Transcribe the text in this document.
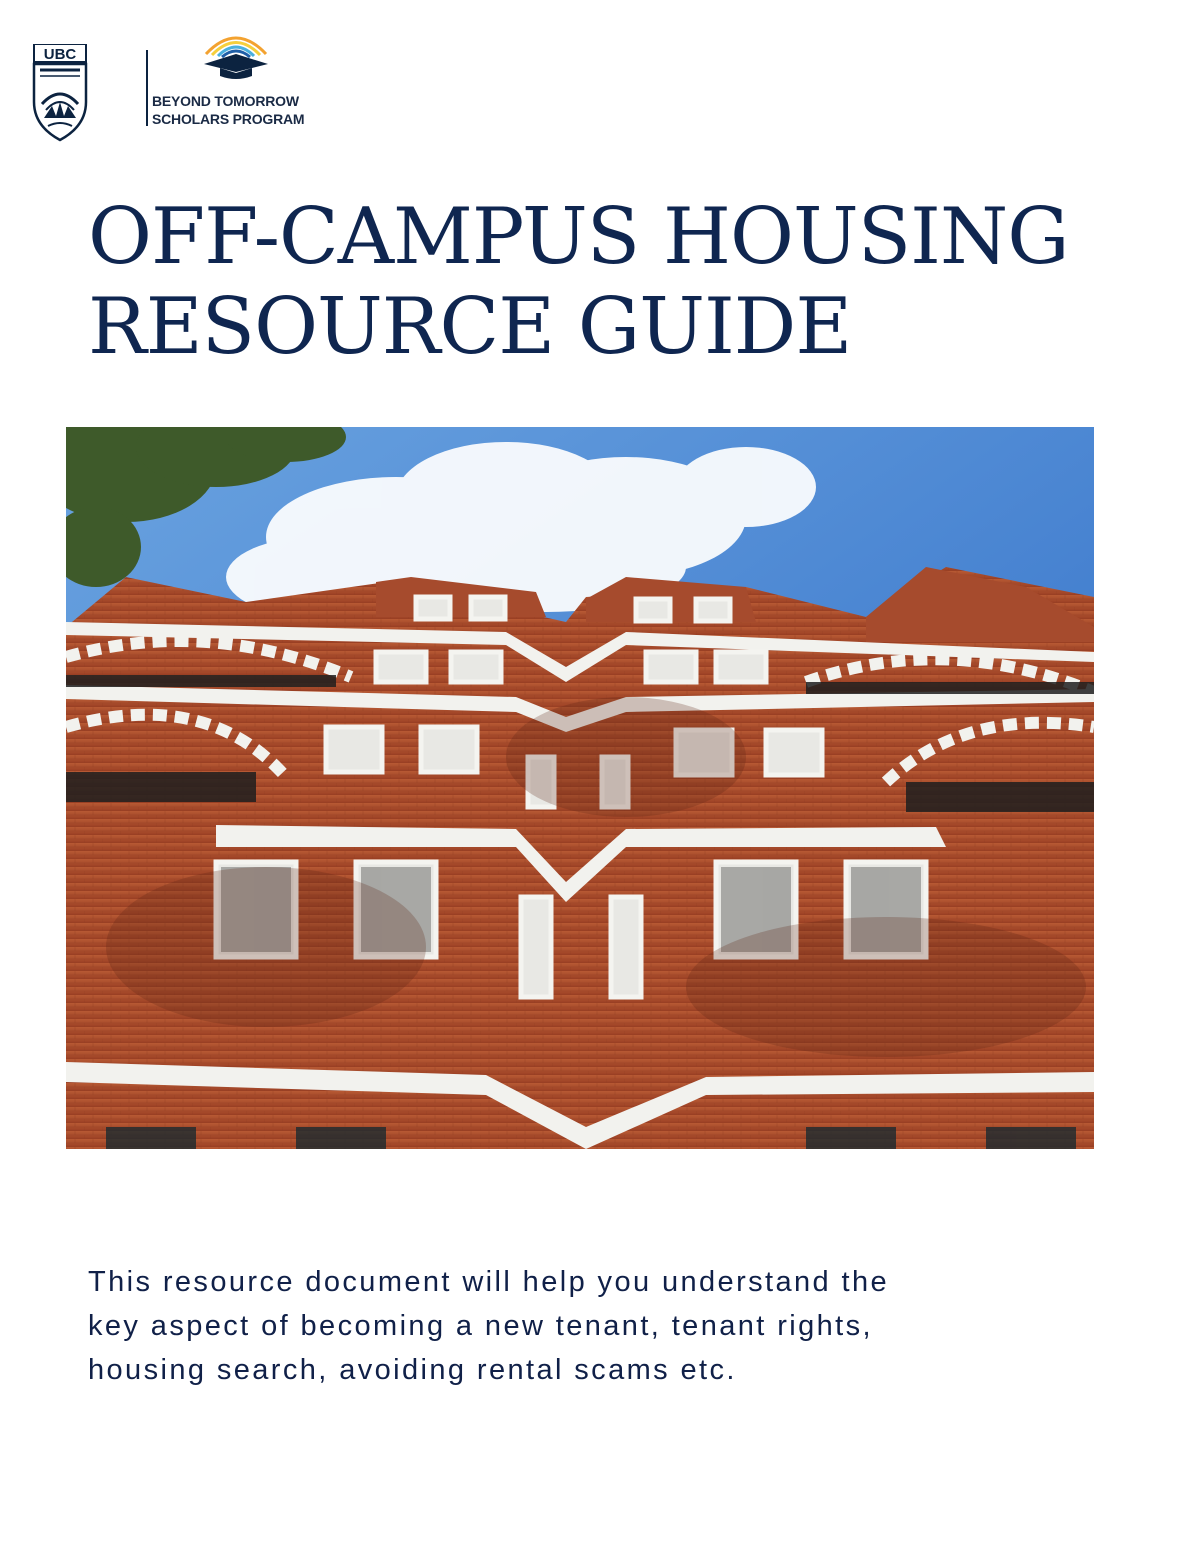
UBC
BEYOND TOMORROW
SCHOLARS PROGRAM
OFF-CAMPUS HOUSING
RESOURCE GUIDE
This resource document will help you understand the
key aspect of becoming a new tenant, tenant rights,
housing search, avoiding rental scams etc.
